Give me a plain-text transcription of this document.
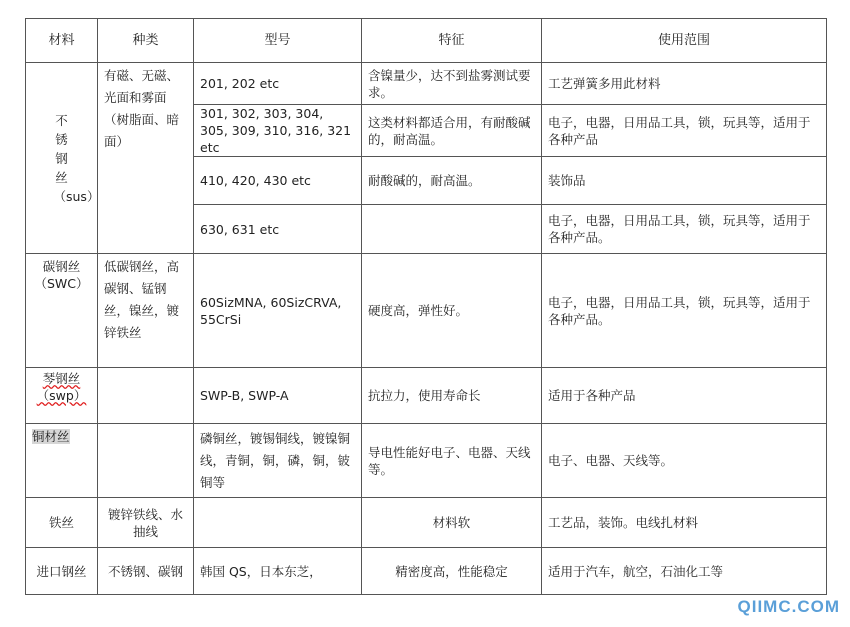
材料	种类	型号	特征	使用范围

不锈钢丝（sus）	有磁、无磁、光面和雾面（树脂面、暗面）	201, 202 etc	含镍量少，达不到盐雾测试要求。	工艺弹簧多用此材料
		301, 302, 303, 304, 305, 309, 310, 316, 321 etc	这类材料都适合用，有耐酸碱的，耐高温。	电子，电器，日用品工具，锁，玩具等，适用于各种产品
		410, 420, 430 etc	耐酸碱的，耐高温。	装饰品
		630, 631 etc		电子，电器，日用品工具，锁，玩具等，适用于各种产品。
碳钢丝（SWC）	低碳钢丝，高碳钢、锰钢丝，镍丝，镀锌铁丝	60SizMNA, 60SizCRVA, 55CrSi	硬度高，弹性好。	电子，电器，日用品工具，锁，玩具等，适用于各种产品。
琴钢丝（swp）		SWP-B, SWP-A	抗拉力，使用寿命长	适用于各种产品
铜材丝		磷铜丝，镀锡铜线，镀镍铜线，青铜，铜，磷，铜，铍铜等	导电性能好电子、电器、天线等。	电子、电器、天线等。
铁丝	镀锌铁线、水抽线		材料软	工艺品，装饰。电线扎材料
进口钢丝	不锈钢、碳钢	韩国 QS，日本东芝，	精密度高，性能稳定	适用于汽车，航空，石油化工等
QIIMC.COM
